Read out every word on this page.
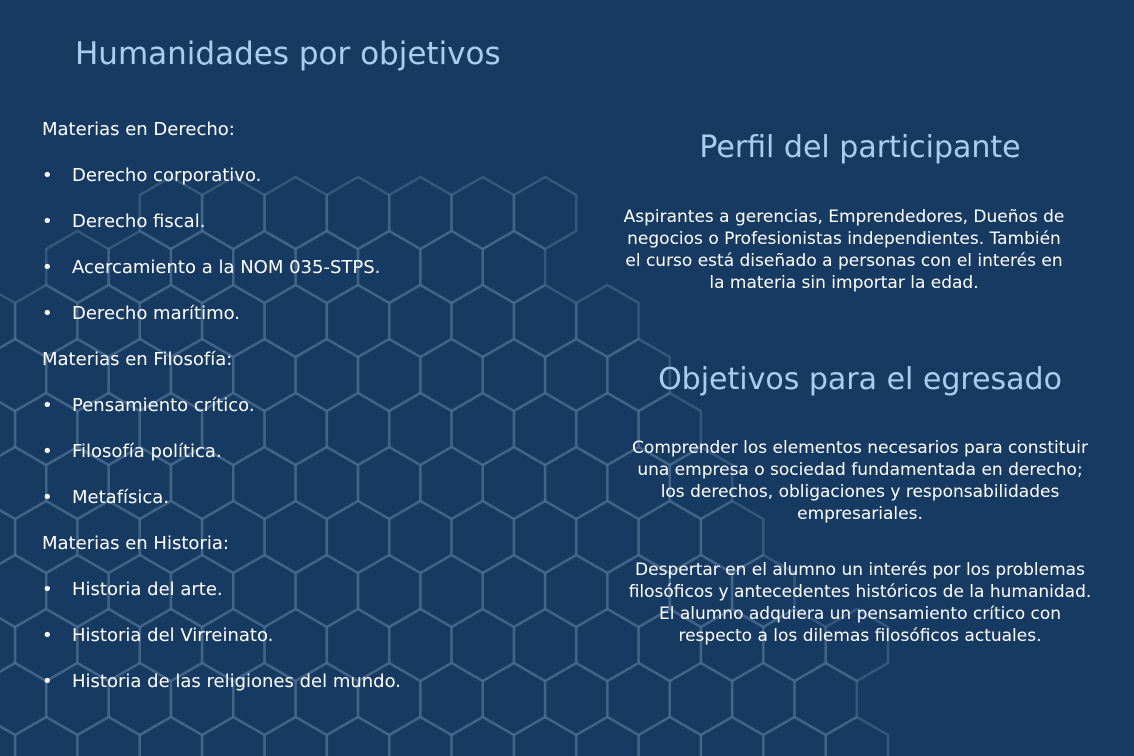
Humanidades por objetivos
Materias en Derecho:
• Derecho corporativo.
• Derecho fiscal.
• Acercamiento a la NOM 035-STPS.
• Derecho marítimo.
Materias en Filosofía:
• Pensamiento crítico.
• Filosofía política.
• Metafísica.
Materias en Historia:
• Historia del arte.
• Historia del Virreinato.
• Historia de las religiones del mundo.
Perfil del participante
Aspirantes a gerencias, Emprendedores, Dueños de negocios o Profesionistas independientes. También el curso está diseñado a personas con el interés en la materia sin importar la edad.
Objetivos para el egresado
Comprender los elementos necesarios para constituir una empresa o sociedad fundamentada en derecho; los derechos, obligaciones y responsabilidades empresariales.
Despertar en el alumno un interés por los problemas filosóficos y antecedentes históricos de la humanidad. El alumno adquiera un pensamiento crítico con respecto a los dilemas filosóficos actuales.
